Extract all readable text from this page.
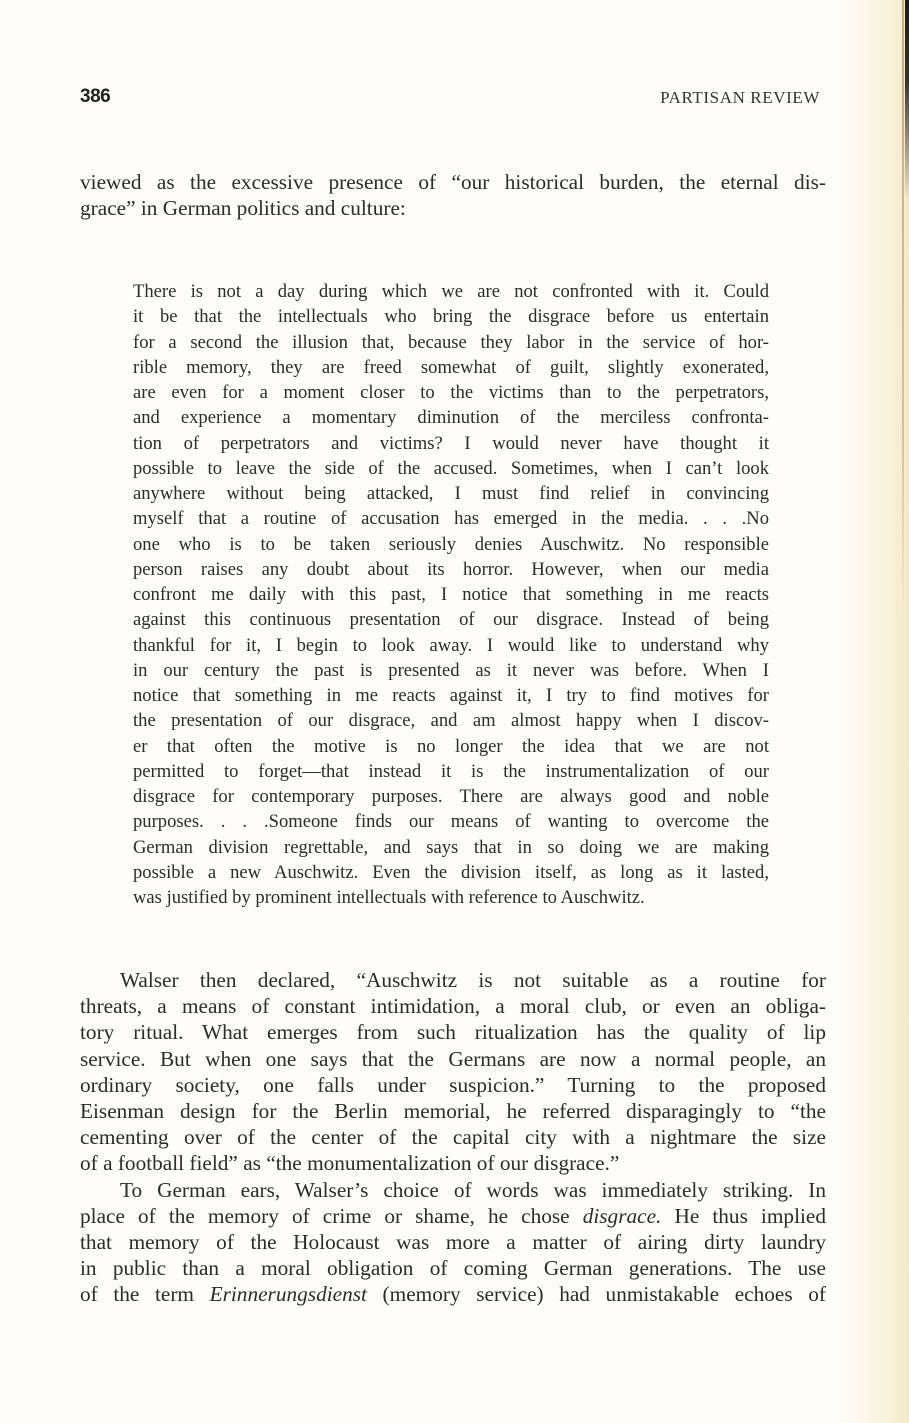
386	PARTISAN REVIEW
viewed as the excessive presence of “our historical burden, the eternal dis-
grace” in German politics and culture:
There is not a day during which we are not confronted with it. Could
it be that the intellectuals who bring the disgrace before us entertain
for a second the illusion that, because they labor in the service of hor-
rible memory, they are freed somewhat of guilt, slightly exonerated,
are even for a moment closer to the victims than to the perpetrators,
and experience a momentary diminution of the merciless confronta-
tion of perpetrators and victims? I would never have thought it
possible to leave the side of the accused. Sometimes, when I can’t look
anywhere without being attacked, I must find relief in convincing
myself that a routine of accusation has emerged in the media. . . .No
one who is to be taken seriously denies Auschwitz. No responsible
person raises any doubt about its horror. However, when our media
confront me daily with this past, I notice that something in me reacts
against this continuous presentation of our disgrace. Instead of being
thankful for it, I begin to look away. I would like to understand why
in our century the past is presented as it never was before. When I
notice that something in me reacts against it, I try to find motives for
the presentation of our disgrace, and am almost happy when I discov-
er that often the motive is no longer the idea that we are not
permitted to forget—that instead it is the instrumentalization of our
disgrace for contemporary purposes. There are always good and noble
purposes. . . .Someone finds our means of wanting to overcome the
German division regrettable, and says that in so doing we are making
possible a new Auschwitz. Even the division itself, as long as it lasted,
was justified by prominent intellectuals with reference to Auschwitz.
Walser then declared, “Auschwitz is not suitable as a routine for
threats, a means of constant intimidation, a moral club, or even an obliga-
tory ritual. What emerges from such ritualization has the quality of lip
service. But when one says that the Germans are now a normal people, an
ordinary society, one falls under suspicion.” Turning to the proposed
Eisenman design for the Berlin memorial, he referred disparagingly to “the
cementing over of the center of the capital city with a nightmare the size
of a football field” as “the monumentalization of our disgrace.”
To German ears, Walser’s choice of words was immediately striking. In
place of the memory of crime or shame, he chose disgrace. He thus implied
that memory of the Holocaust was more a matter of airing dirty laundry
in public than a moral obligation of coming German generations. The use
of the term Erinnerungsdienst (memory service) had unmistakable echoes of
